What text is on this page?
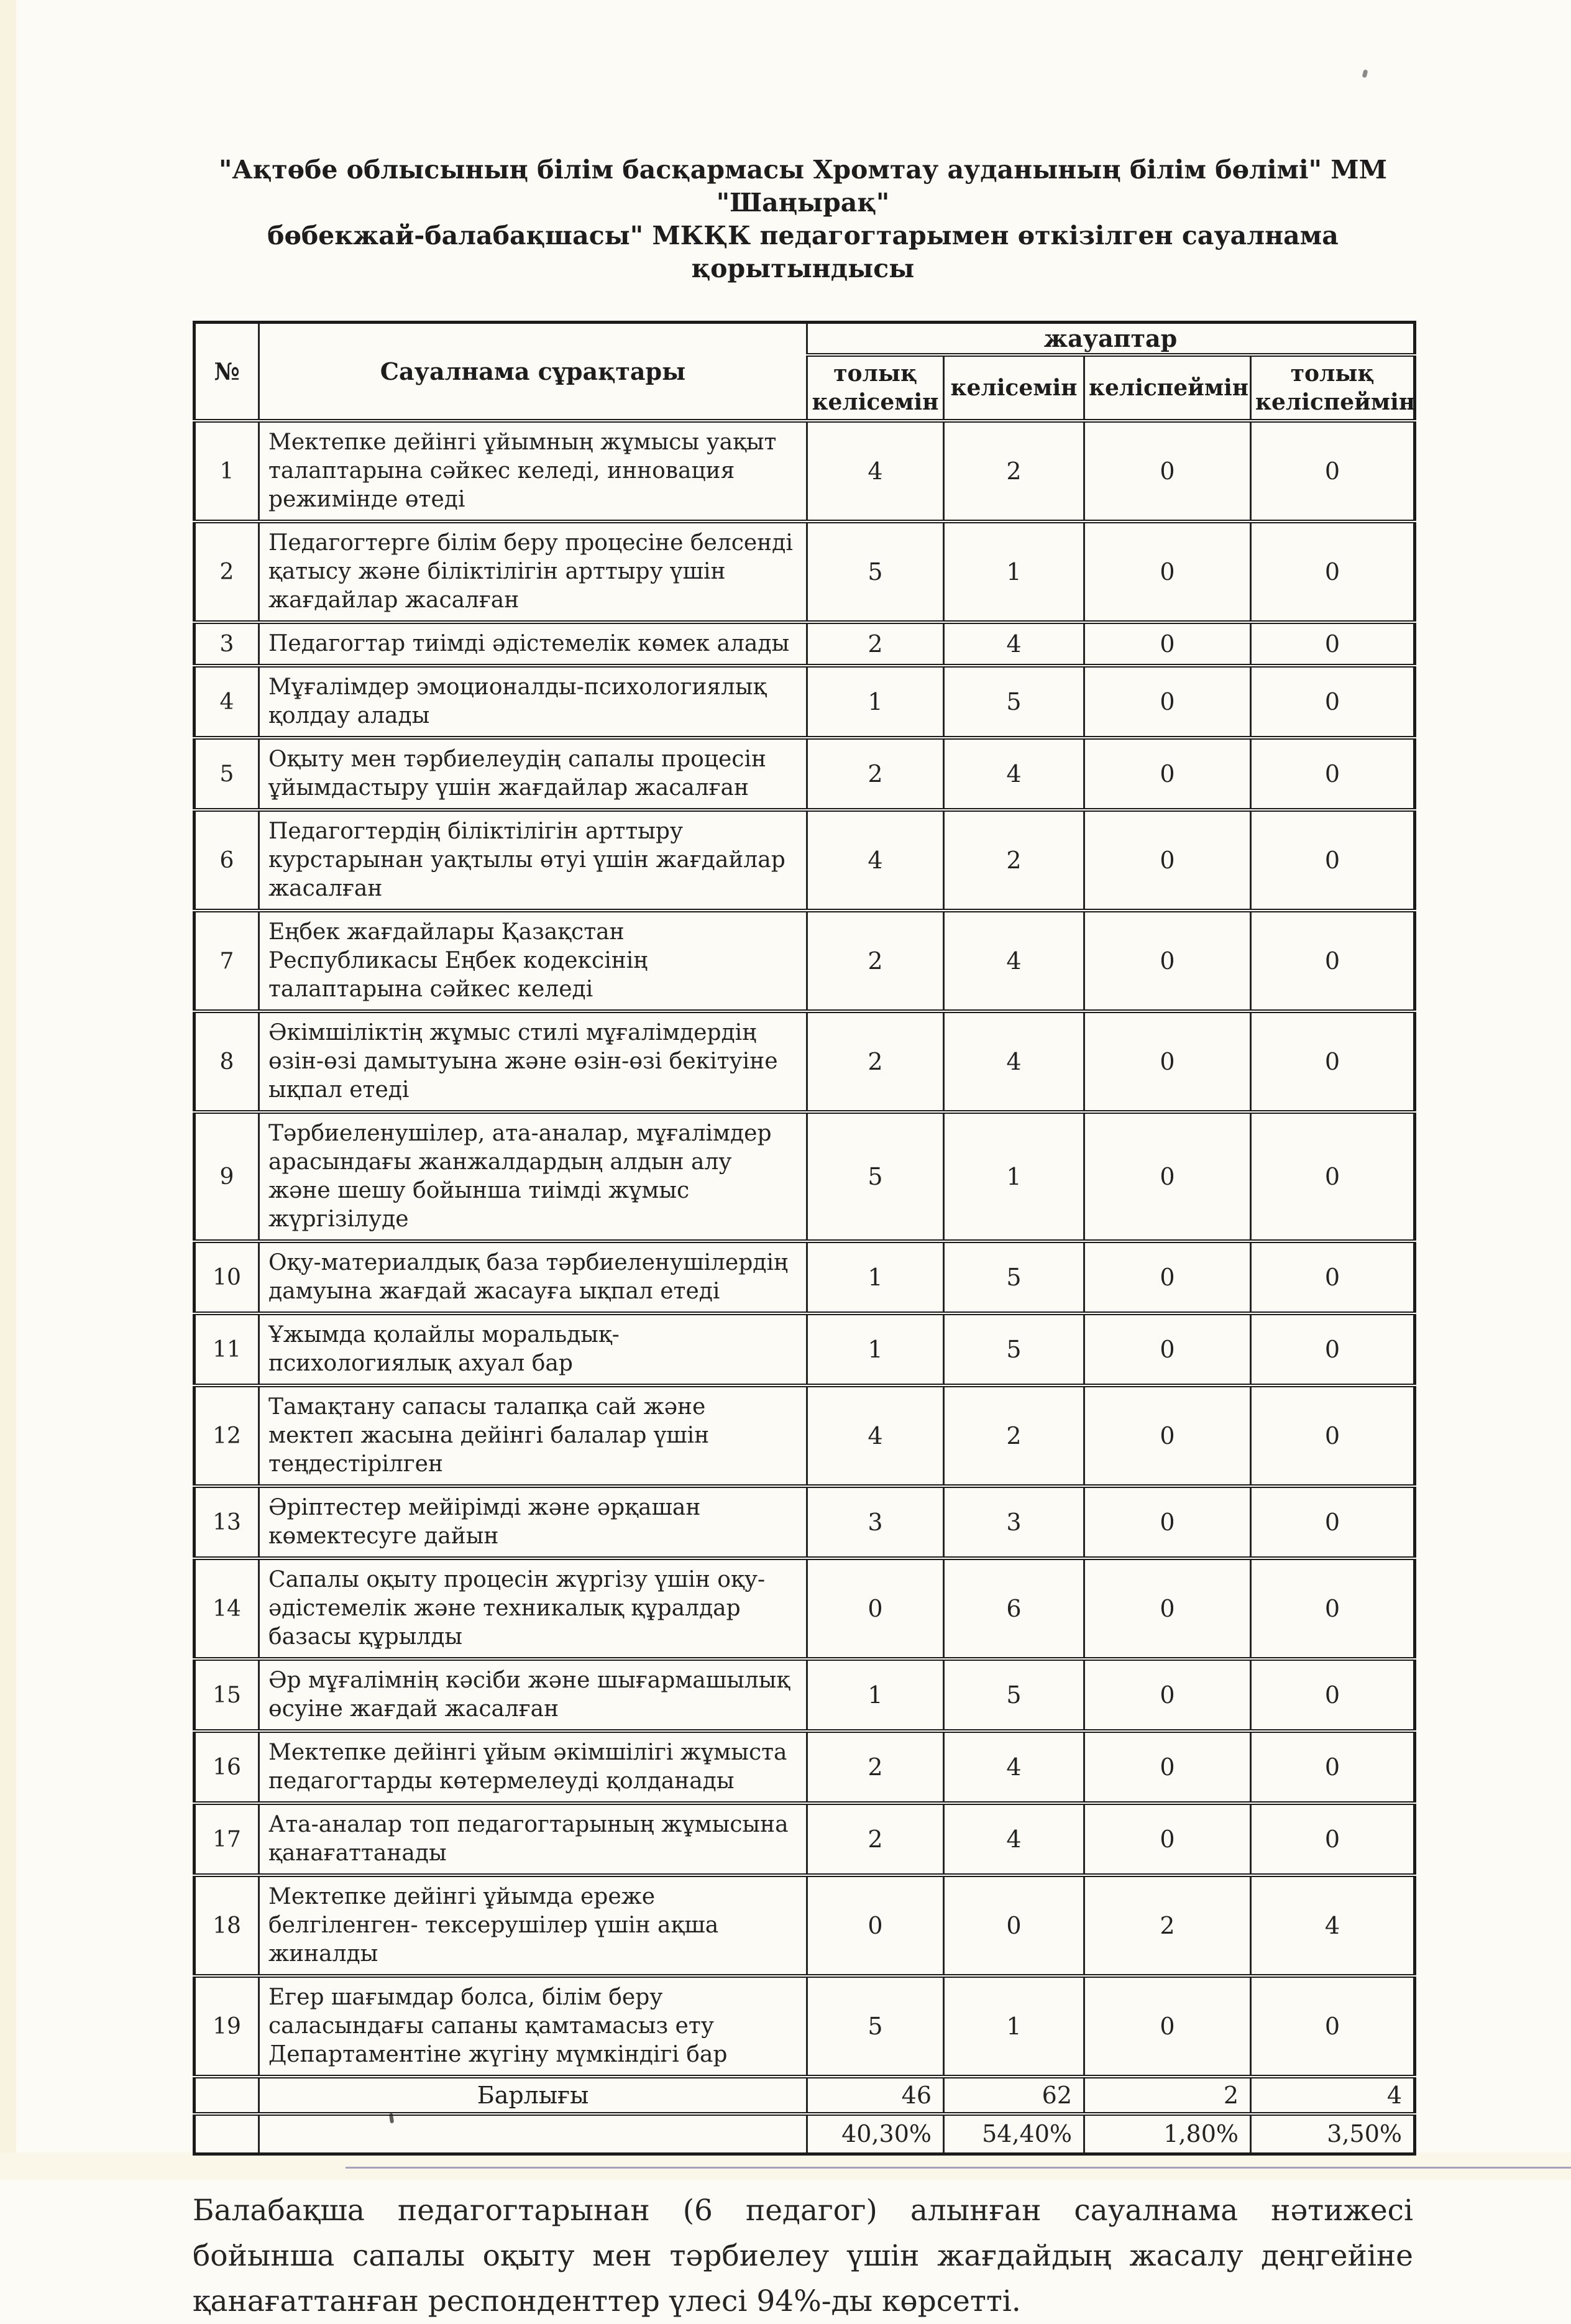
"Ақтөбе облысының білім басқармасы Хромтау ауданының білім бөлімі" ММ "Шаңырақ"
бөбекжай-балабақшасы" МКҚК педагогтарымен өткізілген сауалнама қорытындысы
№	Сауалнама сұрақтары	жауаптар			
		толық келісемін	келісемін	келіспеймін	толық келіспеймін
1	Мектепке дейінгі ұйымның жұмысы уақыт талаптарына сәйкес келеді, инновация режимінде өтеді	4	2	0	0
2	Педагогтерге білім беру процесіне белсенді қатысу және біліктілігін арттыру үшін жағдайлар жасалған	5	1	0	0
3	Педагогтар тиімді әдістемелік көмек алады	2	4	0	0
4	Мұғалімдер эмоционалды-психологиялық қолдау алады	1	5	0	0
5	Оқыту мен тәрбиелеудің сапалы процесін ұйымдастыру үшін жағдайлар жасалған	2	4	0	0
6	Педагогтердің біліктілігін арттыру курстарынан уақтылы өтуі үшін жағдайлар жасалған	4	2	0	0
7	Еңбек жағдайлары Қазақстан Республикасы Еңбек кодексінің талаптарына сәйкес келеді	2	4	0	0
8	Әкімшіліктің жұмыс стилі мұғалімдердің өзін-өзі дамытуына және өзін-өзі бекітуіне ықпал етеді	2	4	0	0
9	Тәрбиеленушілер, ата-аналар, мұғалімдер арасындағы жанжалдардың алдын алу және шешу бойынша тиімді жұмыс жүргізілуде	5	1	0	0
10	Оқу-материалдық база тәрбиеленушілердің дамуына жағдай жасауға ықпал етеді	1	5	0	0
11	Ұжымда қолайлы моральдық-психологиялық ахуал бар	1	5	0	0
12	Тамақтану сапасы талапқа сай және мектеп жасына дейінгі балалар үшін теңдестірілген	4	2	0	0
13	Әріптестер мейірімді және әрқашан көмектесуге дайын	3	3	0	0
14	Сапалы оқыту процесін жүргізу үшін оқу-әдістемелік және техникалық құралдар базасы құрылды	0	6	0	0
15	Әр мұғалімнің кәсіби және шығармашылық өсуіне жағдай жасалған	1	5	0	0
16	Мектепке дейінгі ұйым әкімшілігі жұмыста педагогтарды көтермелеуді қолданады	2	4	0	0
17	Ата-аналар топ педагогтарының жұмысына қанағаттанады	2	4	0	0
18	Мектепке дейінгі ұйымда ереже белгіленген- тексерушілер үшін ақша жиналды	0	0	2	4
19	Егер шағымдар болса, білім беру саласындағы сапаны қамтамасыз ету Департаментіне жүгіну мүмкіндігі бар	5	1	0	0
	Барлығы	46	62	2	4
		40,30%	54,40%	1,80%	3,50%

Балабақша педагогтарынан (6 педагог) алынған сауалнама нәтижесі бойынша сапалы оқыту мен тәрбиелеу үшін жағдайдың жасалу деңгейіне қанағаттанған респонденттер үлесі 94%-ды көрсетті.
